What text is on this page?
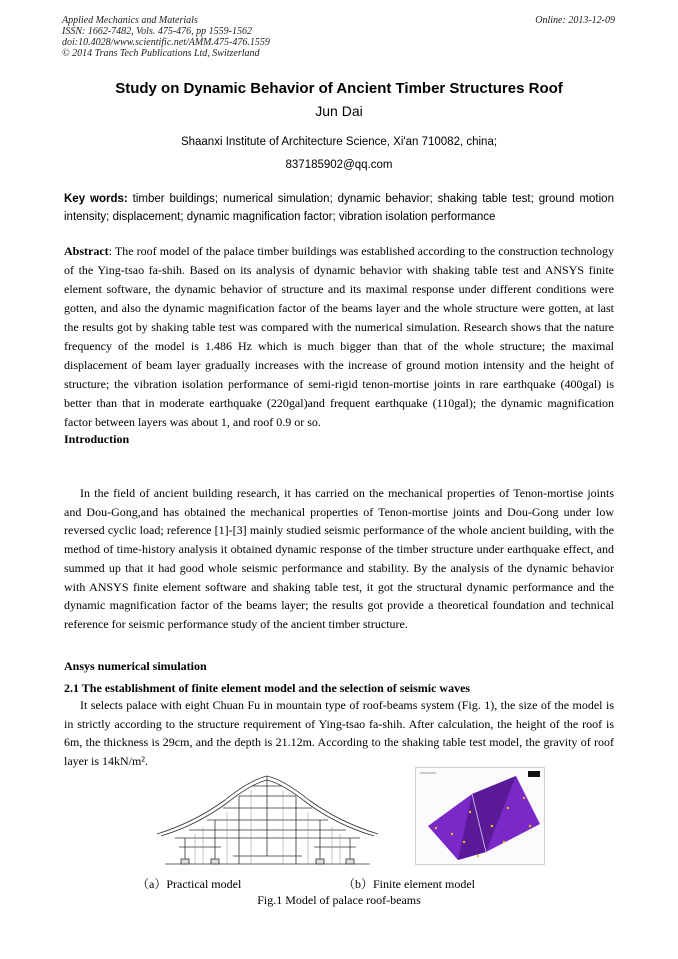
Applied Mechanics and Materials
ISSN: 1662-7482, Vols. 475-476, pp 1559-1562
doi:10.4028/www.scientific.net/AMM.475-476.1559
© 2014 Trans Tech Publications Ltd, Switzerland
Online: 2013-12-09
Study on Dynamic Behavior of Ancient Timber Structures Roof
Jun Dai
Shaanxi Institute of Architecture Science, Xi'an 710082, china;
837185902@qq.com
Key words: timber buildings; numerical simulation; dynamic behavior; shaking table test; ground motion intensity; displacement; dynamic magnification factor; vibration isolation performance
Abstract: The roof model of the palace timber buildings was established according to the construction technology of the Ying-tsao fa-shih. Based on its analysis of dynamic behavior with shaking table test and ANSYS finite element software, the dynamic behavior of structure and its maximal response under different conditions were gotten, and also the dynamic magnification factor of the beams layer and the whole structure were gotten, at last the results got by shaking table test was compared with the numerical simulation. Research shows that the nature frequency of the model is 1.486 Hz which is much bigger than that of the whole structure; the maximal displacement of beam layer gradually increases with the increase of ground motion intensity and the height of structure; the vibration isolation performance of semi-rigid tenon-mortise joints in rare earthquake (400gal) is better than that in moderate earthquake (220gal)and frequent earthquake (110gal); the dynamic magnification factor between layers was about 1, and roof 0.9 or so.
Introduction
In the field of ancient building research, it has carried on the mechanical properties of Tenon-mortise joints and Dou-Gong,and has obtained the mechanical properties of Tenon-mortise joints and Dou-Gong under low reversed cyclic load; reference [1]-[3] mainly studied seismic performance of the whole ancient building, with the method of time-history analysis it obtained dynamic response of the timber structure under earthquake effect, and summed up that it had good whole seismic performance and stability. By the analysis of the dynamic behavior with ANSYS finite element software and shaking table test, it got the structural dynamic performance and the dynamic magnification factor of the beams layer; the results got provide a theoretical foundation and technical reference for seismic performance study of the ancient timber structure.
Ansys numerical simulation
2.1 The establishment of finite element model and the selection of seismic waves
It selects palace with eight Chuan Fu in mountain type of roof-beams system (Fig. 1), the size of the model is in strictly according to the structure requirement of Ying-tsao fa-shih. After calculation, the height of the roof is 6m, the thickness is 29cm, and the depth is 21.12m. According to the shaking table test model, the gravity of roof layer is 14kN/m².
（a）Practical model	（b）Finite element model
Fig.1 Model of palace roof-beams
